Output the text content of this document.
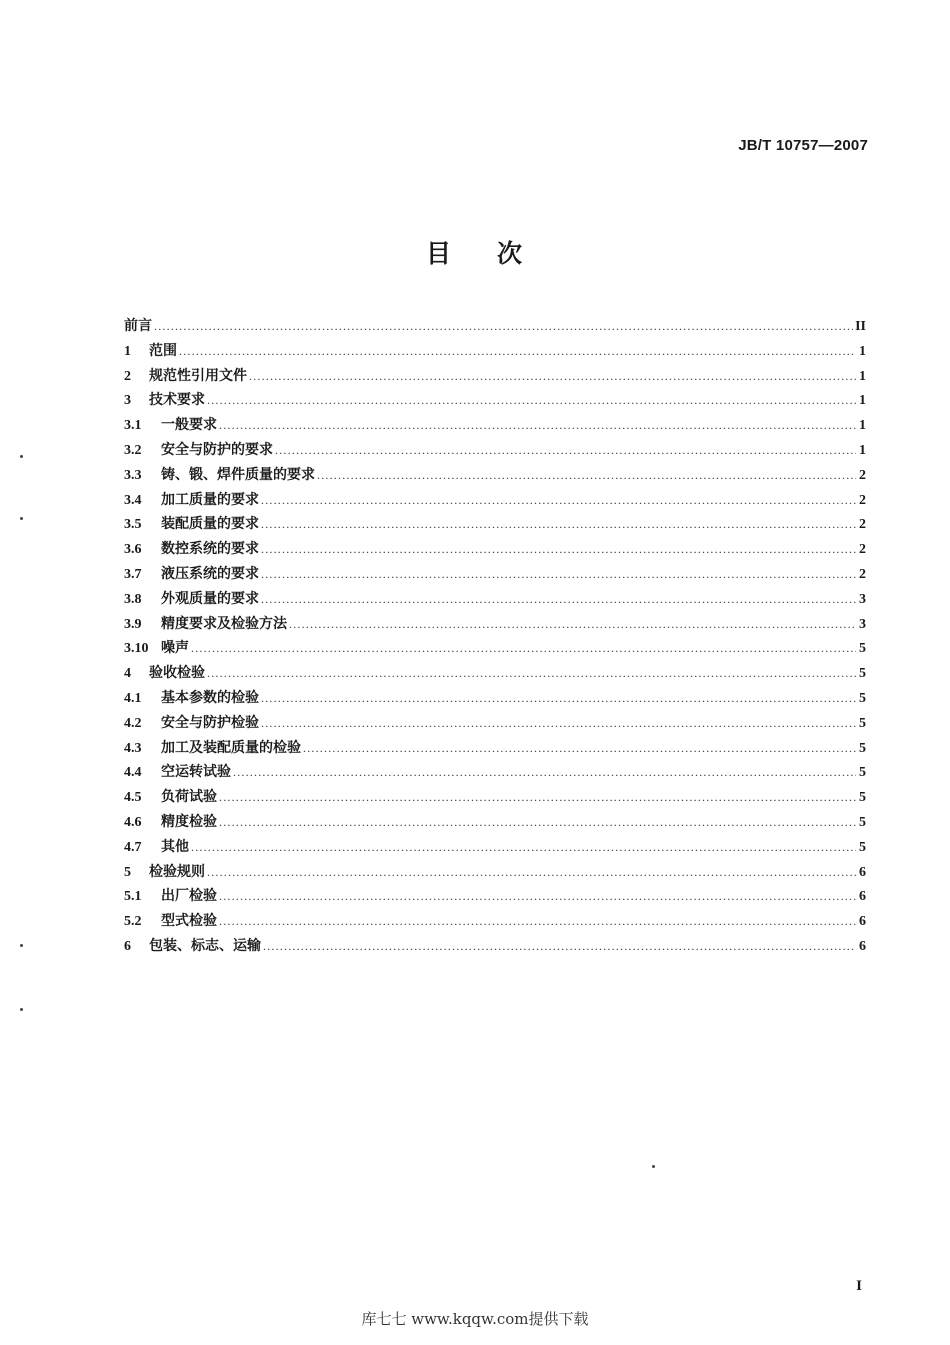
JB/T 10757—2007
目 次
前言 .....	II
1	范围 .....	1
2	规范性引用文件 .....	1
3	技术要求 .....	1
3.1	一般要求 .....	1
3.2	安全与防护的要求 .....	1
3.3	铸、锻、焊件质量的要求 .....	2
3.4	加工质量的要求 .....	2
3.5	装配质量的要求 .....	2
3.6	数控系统的要求 .....	2
3.7	液压系统的要求 .....	2
3.8	外观质量的要求 .....	3
3.9	精度要求及检验方法 .....	3
3.10 噪声 .....	5
4	验收检验 .....	5
4.1	基本参数的检验 .....	5
4.2	安全与防护检验 .....	5
4.3	加工及装配质量的检验 .....	5
4.4	空运转试验 .....	5
4.5	负荷试验 .....	5
4.6	精度检验 .....	5
4.7	其他 .....	5
5	检验规则 .....	6
5.1	出厂检验 .....	6
5.2	型式检验 .....	6
6	包装、标志、运输 .....	6
I
库七七 www.kqqw.com提供下载
